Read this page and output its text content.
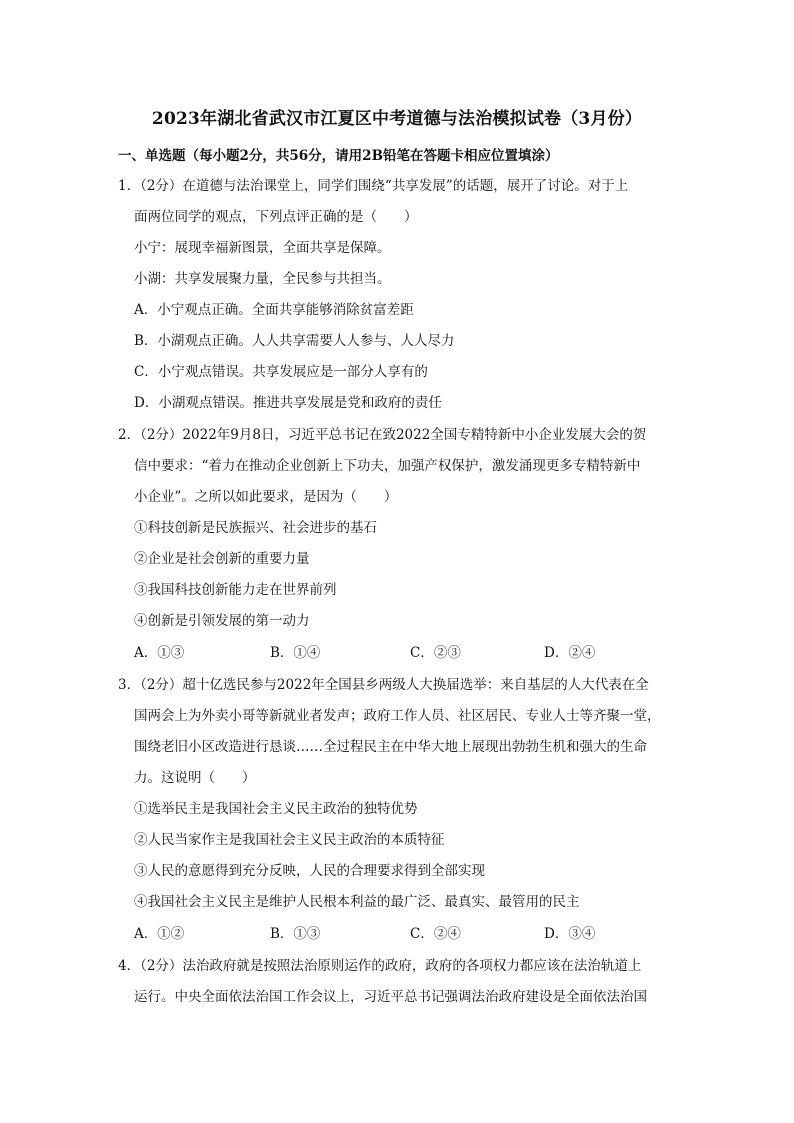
2023年湖北省武汉市江夏区中考道德与法治模拟试卷（3月份）
一、单选题（每小题2分，共56分，请用2B铅笔在答题卡相应位置填涂）
1．（2分）在道德与法治课堂上，同学们围绕“共享发展”的话题，展开了讨论。对于上
面两位同学的观点，下列点评正确的是（　　）
小宁：展现幸福新图景，全面共享是保障。
小湖：共享发展聚力量，全民参与共担当。
A．小宁观点正确。全面共享能够消除贫富差距
B．小湖观点正确。人人共享需要人人参与、人人尽力
C．小宁观点错误。共享发展应是一部分人享有的
D．小湖观点错误。推进共享发展是党和政府的责任
2．（2分）2022年9月8日，习近平总书记在致2022全国专精特新中小企业发展大会的贺
信中要求：“着力在推动企业创新上下功夫，加强产权保护，激发涌现更多专精特新中
小企业”。之所以如此要求，是因为（　　）
①科技创新是民族振兴、社会进步的基石
②企业是社会创新的重要力量
③我国科技创新能力走在世界前列
④创新是引领发展的第一动力
A．①③	B．①④	C．②③	D．②④
3．（2分）超十亿选民参与2022年全国县乡两级人大换届选举：来自基层的人大代表在全
国两会上为外卖小哥等新就业者发声；政府工作人员、社区居民、专业人士等齐聚一堂，
围绕老旧小区改造进行恳谈……全过程民主在中华大地上展现出勃勃生机和强大的生命
力。这说明（　　）
①选举民主是我国社会主义民主政治的独特优势
②人民当家作主是我国社会主义民主政治的本质特征
③人民的意愿得到充分反映，人民的合理要求得到全部实现
④我国社会主义民主是维护人民根本利益的最广泛、最真实、最管用的民主
A．①②	B．①③	C．②④	D．③④
4．（2分）法治政府就是按照法治原则运作的政府，政府的各项权力都应该在法治轨道上
运行。中央全面依法治国工作会议上，习近平总书记强调法治政府建设是全面依法治国
